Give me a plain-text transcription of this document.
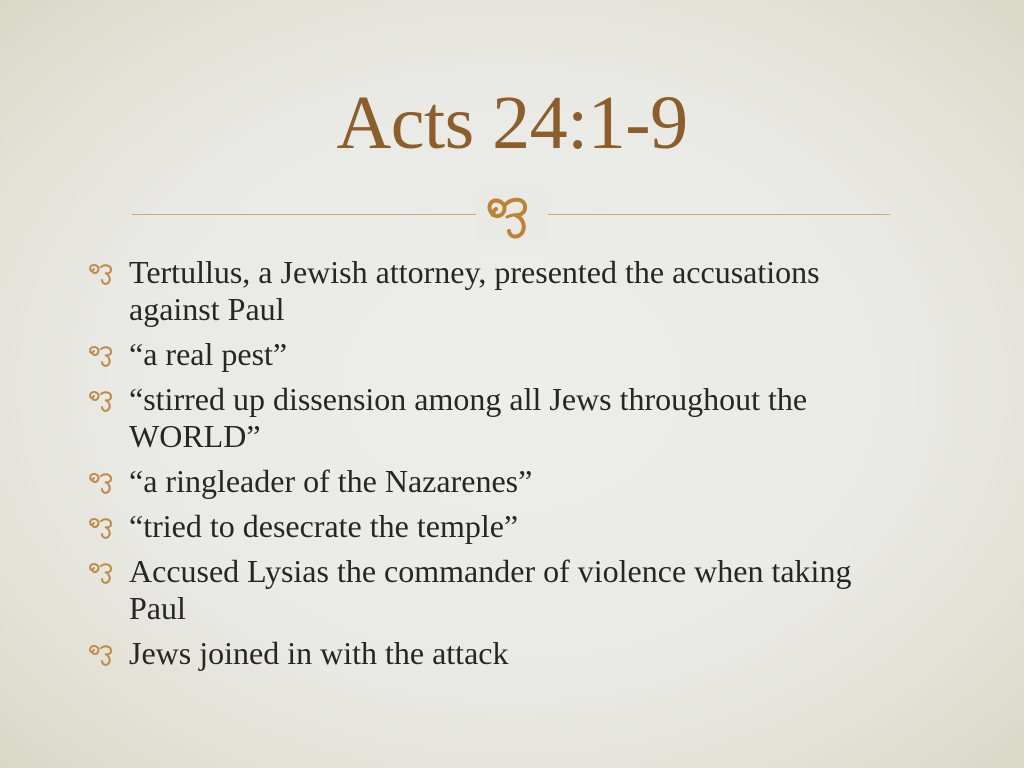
Acts 24:1-9
Tertullus, a Jewish attorney, presented the accusations against Paul
“a real pest”
“stirred up dissension among all Jews throughout the WORLD”
“a ringleader of the Nazarenes”
“tried to desecrate the temple”
Accused Lysias the commander of violence when taking Paul
Jews joined in with the attack
